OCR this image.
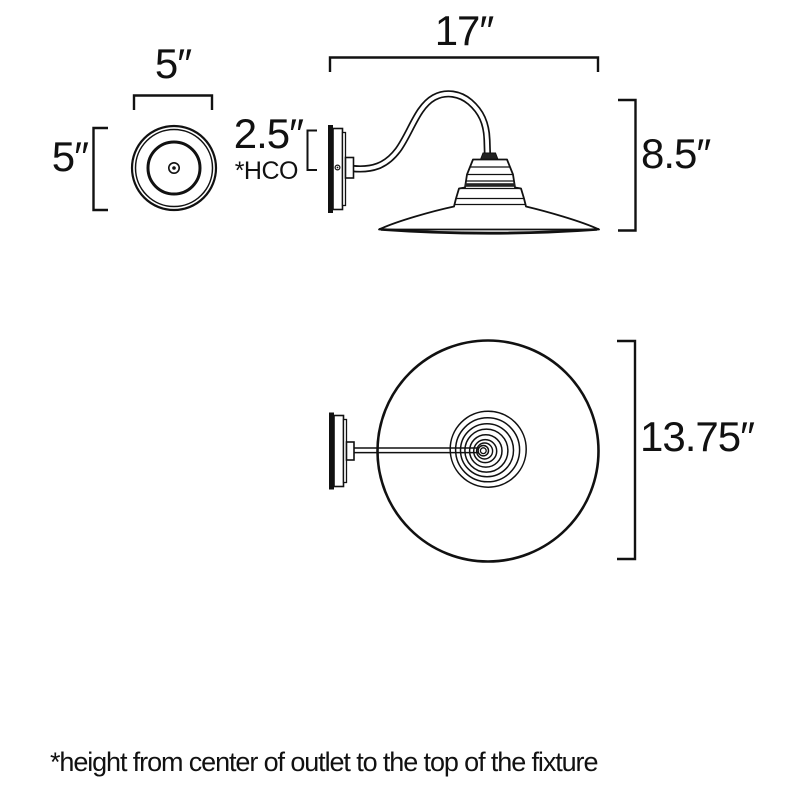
5″
5″
17″
8.5″
2.5″
*HCO
13.75″
*height from center of outlet to the top of the fixture
